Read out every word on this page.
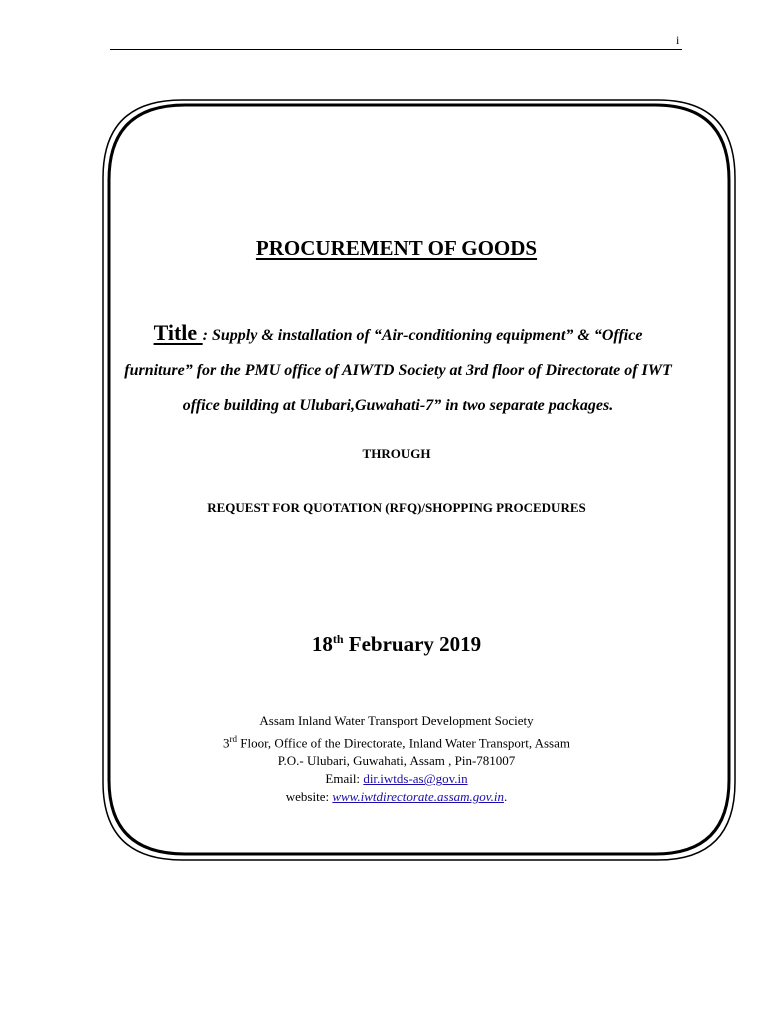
i
PROCUREMENT OF GOODS
Title : Supply & installation of “Air-conditioning equipment” & “Office furniture” for the PMU office of AIWTD Society at 3rd floor of Directorate of IWT office building at Ulubari,Guwahati-7” in two separate packages.
THROUGH
REQUEST FOR QUOTATION (RFQ)/SHOPPING PROCEDURES
18th February 2019
Assam Inland Water Transport Development Society
3rd Floor, Office of the Directorate, Inland Water Transport, Assam
P.O.- Ulubari, Guwahati, Assam , Pin-781007
Email: dir.iwtds-as@gov.in
website: www.iwtdirectorate.assam.gov.in.
